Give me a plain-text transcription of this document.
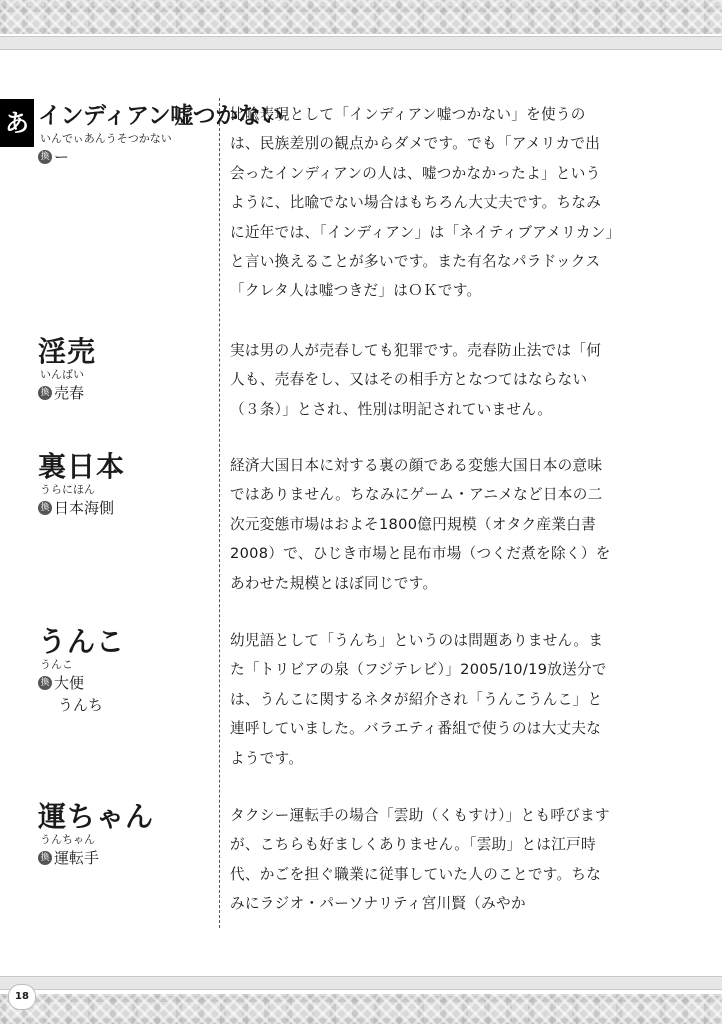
あ インディアン嘘つかない
いんでぃあんうそつかない
換 ー
比喩表現として「インディアン嘘つかない」を使うのは、民族差別の観点からダメです。でも「アメリカで出会ったインディアンの人は、嘘つかなかったよ」というように、比喩でない場合はもちろん大丈夫です。ちなみに近年では、「インディアン」は「ネイティブアメリカン」と言い換えることが多いです。また有名なパラドックス「クレタ人は嘘つきだ」はＯＫです。
淫売
いんばい
換 売春
実は男の人が売春しても犯罪です。売春防止法では「何人も、売春をし、又はその相手方となつてはならない（３条）」とされ、性別は明記されていません。
裏日本
うらにほん
換 日本海側
経済大国日本に対する裏の顔である変態大国日本の意味ではありません。ちなみにゲーム・アニメなど日本の二次元変態市場はおよそ1800億円規模（オタク産業白書2008）で、ひじき市場と昆布市場（つくだ煮を除く）をあわせた規模とほぼ同じです。
うんこ
うんこ
換 大便
うんち
幼児語として「うんち」というのは問題ありません。また「トリビアの泉（フジテレビ）」2005/10/19放送分では、うんこに関するネタが紹介され「うんこうんこ」と連呼していました。バラエティ番組で使うのは大丈夫なようです。
運ちゃん
うんちゃん
換 運転手
タクシー運転手の場合「雲助（くもすけ）」とも呼びますが、こちらも好ましくありません。「雲助」とは江戸時代、かごを担ぐ職業に従事していた人のことです。ちなみにラジオ・パーソナリティ宮川賢（みやか
18
